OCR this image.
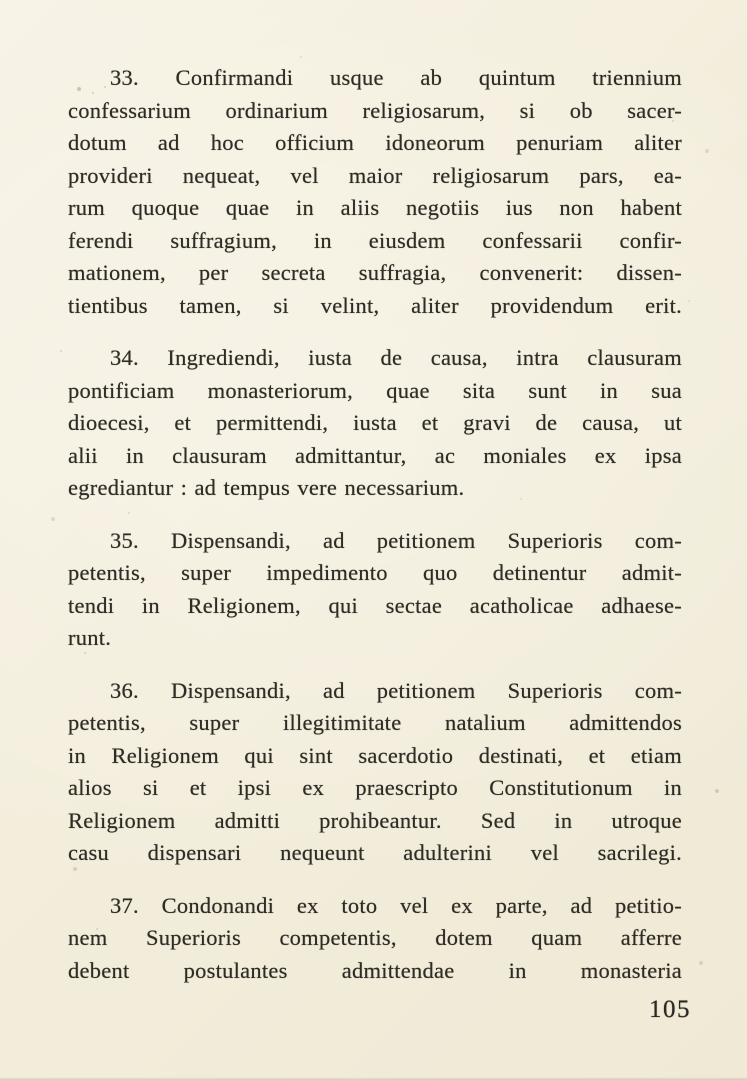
33. Confirmandi usque ab quintum triennium
confessarium ordinarium religiosarum, si ob sacer-
dotum ad hoc officium idoneorum penuriam aliter
provideri nequeat, vel maior religiosarum pars, ea-
rum quoque quae in aliis negotiis ius non habent
ferendi suffragium, in eiusdem confessarii confir-
mationem, per secreta suffragia, convenerit: dissen-
tientibus tamen, si velint, aliter providendum erit.
34. Ingrediendi, iusta de causa, intra clausuram
pontificiam monasteriorum, quae sita sunt in sua
dioecesi, et permittendi, iusta et gravi de causa, ut
alii in clausuram admittantur, ac moniales ex ipsa
egrediantur : ad tempus vere necessarium.
35. Dispensandi, ad petitionem Superioris com-
petentis, super impedimento quo detinentur admit-
tendi in Religionem, qui sectae acatholicae adhaese-
runt.
36. Dispensandi, ad petitionem Superioris com-
petentis, super illegitimitate natalium admittendos
in Religionem qui sint sacerdotio destinati, et etiam
alios si et ipsi ex praescripto Constitutionum in
Religionem admitti prohibeantur. Sed in utroque
casu dispensari nequeunt adulterini vel sacrilegi.
37. Condonandi ex toto vel ex parte, ad petitio-
nem Superioris competentis, dotem quam afferre
debent postulantes admittendae in monasteria
105
